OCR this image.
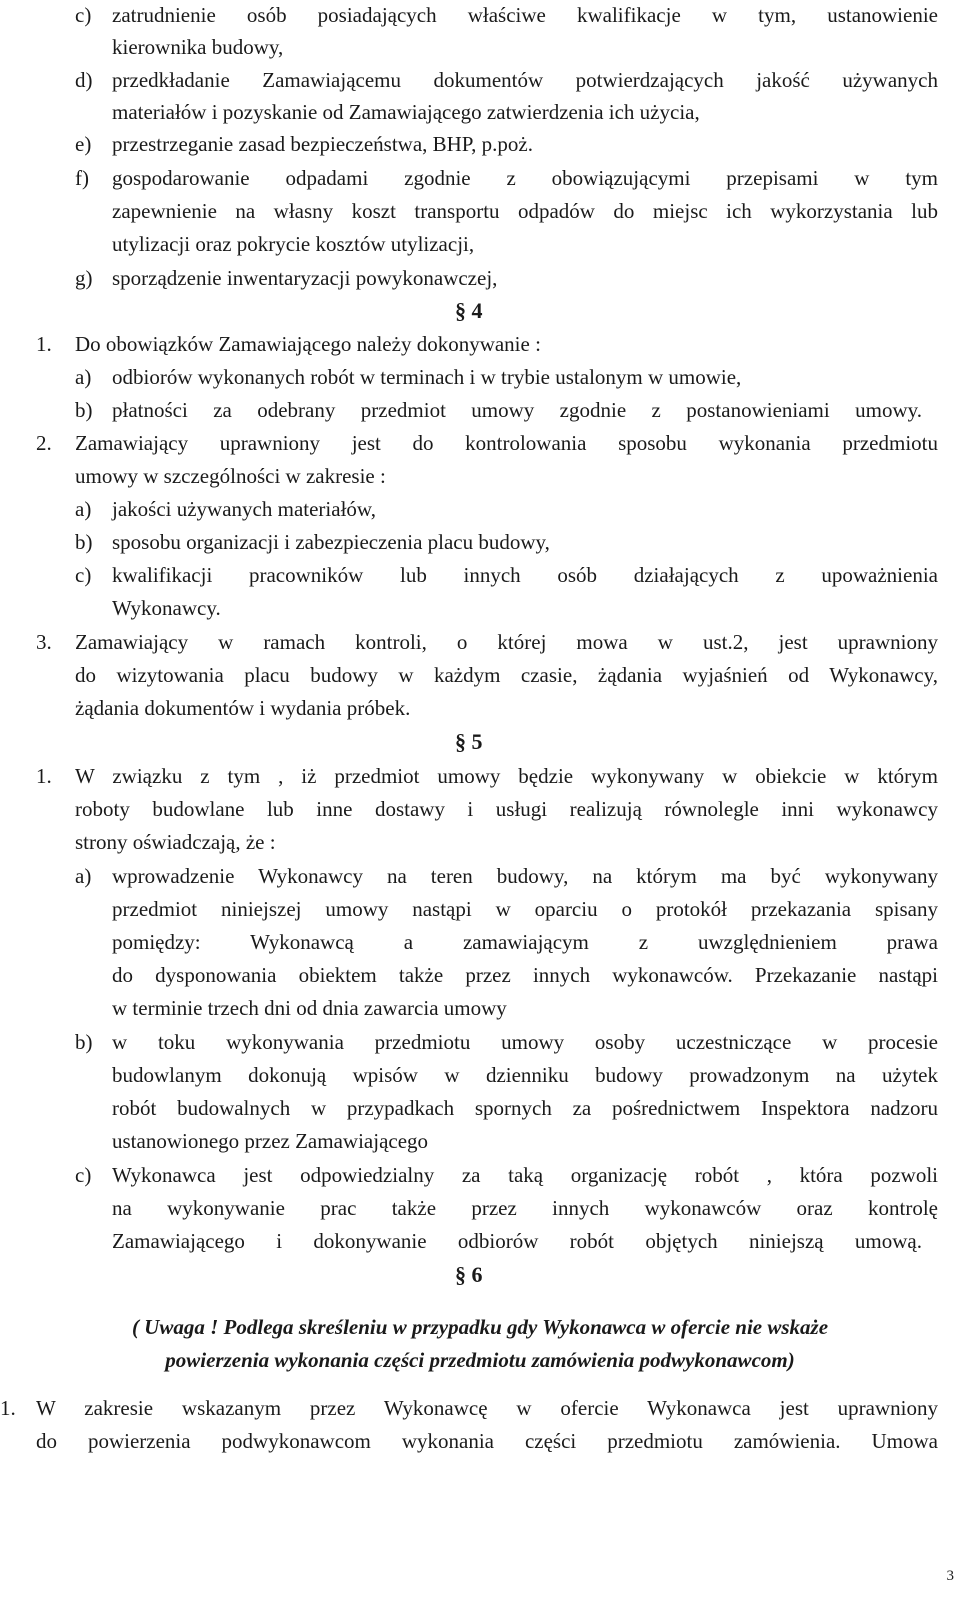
c) zatrudnienie osób posiadających właściwe kwalifikacje w tym, ustanowienie
kierownika budowy,
d) przedkładanie Zamawiającemu dokumentów potwierdzających jakość używanych
materiałów i pozyskanie od Zamawiającego zatwierdzenia ich użycia,
e) przestrzeganie zasad bezpieczeństwa, BHP, p.poż.
f) gospodarowanie odpadami zgodnie z obowiązującymi przepisami w tym
zapewnienie na własny koszt transportu odpadów do miejsc ich wykorzystania lub
utylizacji oraz pokrycie kosztów utylizacji,
g) sporządzenie inwentaryzacji powykonawczej,
§ 4
1. Do obowiązków Zamawiającego należy dokonywanie :
a) odbiorów wykonanych robót w terminach i w trybie ustalonym w umowie,
b) płatności za odebrany przedmiot umowy zgodnie z postanowieniami umowy.
2. Zamawiający uprawniony jest do kontrolowania sposobu wykonania przedmiotu
umowy w szczególności w zakresie :
a) jakości używanych materiałów,
b) sposobu organizacji i zabezpieczenia placu budowy,
c) kwalifikacji pracowników lub innych osób działających z upoważnienia
Wykonawcy.
3. Zamawiający w ramach kontroli, o której mowa w ust.2, jest uprawniony
do wizytowania placu budowy w każdym czasie, żądania wyjaśnień od Wykonawcy,
żądania dokumentów i wydania próbek.
§ 5
1. W związku z tym , iż przedmiot umowy będzie wykonywany w obiekcie w którym
roboty budowlane lub inne dostawy i usługi realizują równolegle inni wykonawcy
strony oświadczają, że :
a) wprowadzenie Wykonawcy na teren budowy, na którym ma być wykonywany
przedmiot niniejszej umowy nastąpi w oparciu o protokół przekazania spisany
pomiędzy: Wykonawcą a zamawiającym z uwzględnieniem prawa
do dysponowania obiektem także przez innych wykonawców. Przekazanie nastąpi
w terminie trzech dni od dnia zawarcia umowy
b) w toku wykonywania przedmiotu umowy osoby uczestniczące w procesie
budowlanym dokonują wpisów w dzienniku budowy prowadzonym na użytek
robót budowalnych w przypadkach spornych za pośrednictwem Inspektora nadzoru
ustanowionego przez Zamawiającego
c) Wykonawca jest odpowiedzialny za taką organizację robót , która pozwoli
na wykonywanie prac także przez innych wykonawców oraz kontrolę
Zamawiającego i dokonywanie odbiorów robót objętych niniejszą umową.
§ 6
( Uwaga ! Podlega skreśleniu w przypadku gdy Wykonawca w ofercie nie wskaże
powierzenia wykonania części przedmiotu zamówienia podwykonawcom)
1. W zakresie wskazanym przez Wykonawcę w ofercie Wykonawca jest uprawniony
do powierzenia podwykonawcom wykonania części przedmiotu zamówienia. Umowa
3
